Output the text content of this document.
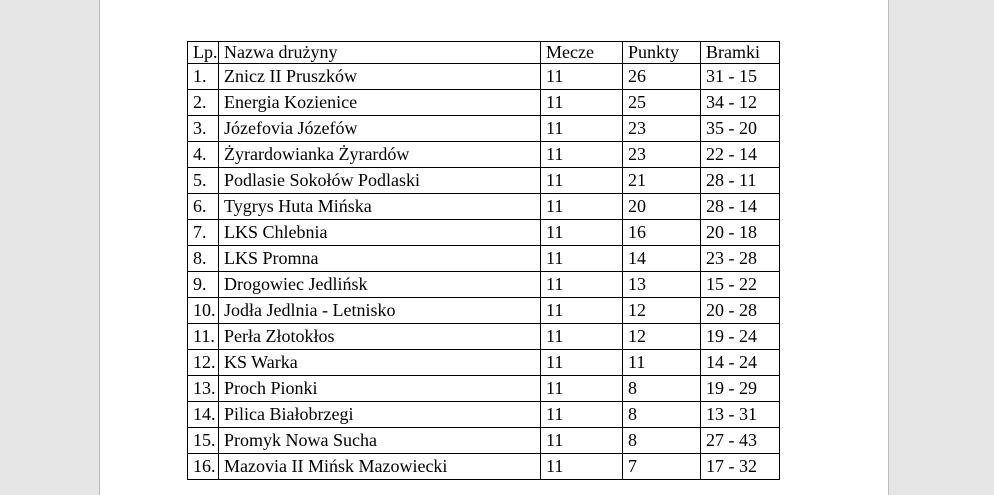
Lp.	Nazwa drużyny	Mecze	Punkty	Bramki
1.	Znicz II Pruszków	11	26	31 - 15
2.	Energia Kozienice	11	25	34 - 12
3.	Józefovia Józefów	11	23	35 - 20
4.	Żyrardowianka Żyrardów	11	23	22 - 14
5.	Podlasie Sokołów Podlaski	11	21	28 - 11
6.	Tygrys Huta Mińska	11	20	28 - 14
7.	LKS Chlebnia	11	16	20 - 18
8.	LKS Promna	11	14	23 - 28
9.	Drogowiec Jedlińsk	11	13	15 - 22
10.	Jodła Jedlnia - Letnisko	11	12	20 - 28
11.	Perła Złotokłos	11	12	19 - 24
12.	KS Warka	11	11	14 - 24
13.	Proch Pionki	11	8	19 - 29
14.	Pilica Białobrzegi	11	8	13 - 31
15.	Promyk Nowa Sucha	11	8	27 - 43
16.	Mazovia II Mińsk Mazowiecki	11	7	17 - 32
